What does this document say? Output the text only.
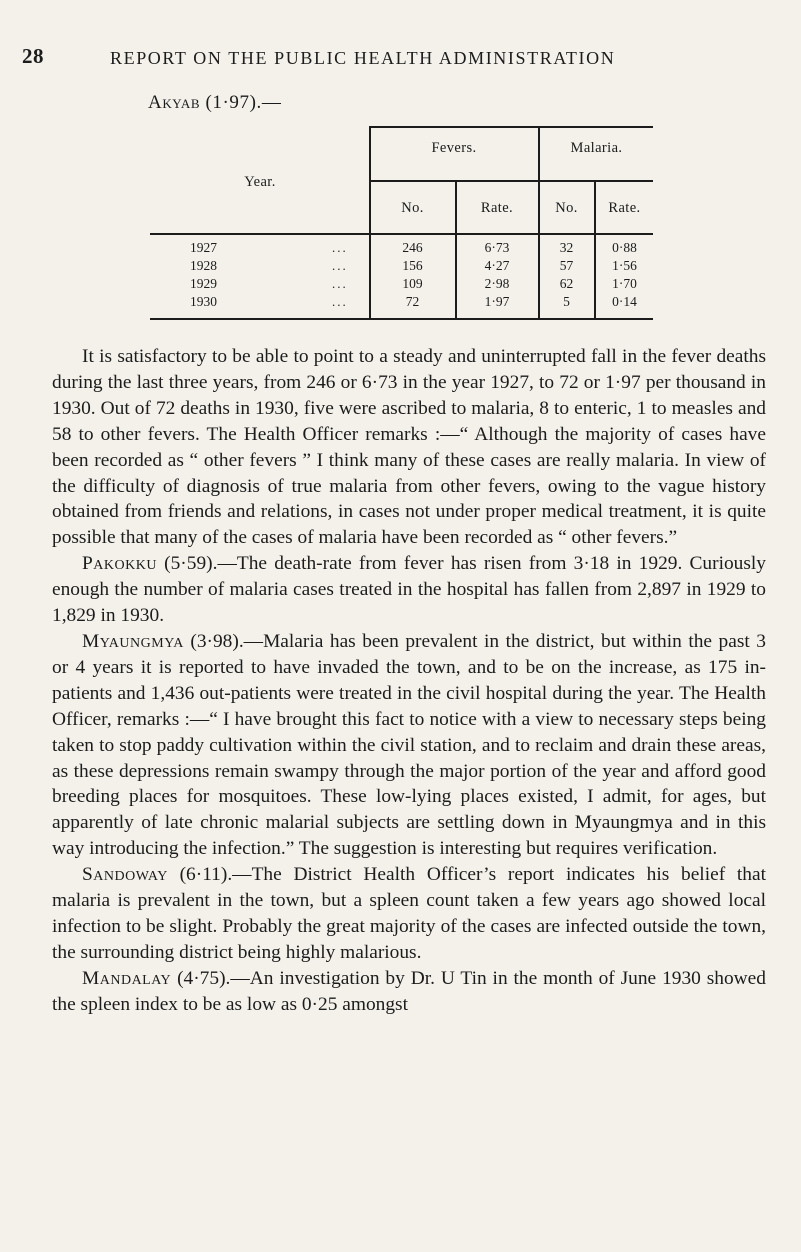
28	REPORT ON THE PUBLIC HEALTH ADMINISTRATION
Akyab (1·97).—
Year.
Fevers.	Malaria.
No.	Rate.	No.	Rate.
1927	...	246	6·73	32	0·88
1928	...	156	4·27	57	1·56
1929	...	109	2·98	62	1·70
1930	...	72	1·97	5	0·14

It is satisfactory to be able to point to a steady and uninterrupted fall in the fever deaths during the last three years, from 246 or 6·73 in the year 1927, to 72 or 1·97 per thousand in 1930. Out of 72 deaths in 1930, five were ascribed to malaria, 8 to enteric, 1 to measles and 58 to other fevers. The Health Officer remarks :—“ Although the majority of cases have been recorded as “ other fevers ” I think many of these cases are really malaria. In view of the difficulty of diagnosis of true malaria from other fevers, owing to the vague history obtained from friends and relations, in cases not under proper medical treatment, it is quite possible that many of the cases of malaria have been recorded as “ other fevers.”

Pakokku (5·59).—The death-rate from fever has risen from 3·18 in 1929. Curiously enough the number of malaria cases treated in the hospital has fallen from 2,897 in 1929 to 1,829 in 1930.

Myaungmya (3·98).—Malaria has been prevalent in the district, but within the past 3 or 4 years it is reported to have invaded the town, and to be on the increase, as 175 in-patients and 1,436 out-patients were treated in the civil hospital during the year. The Health Officer, remarks :—“ I have brought this fact to notice with a view to necessary steps being taken to stop paddy cultivation within the civil station, and to reclaim and drain these areas, as these depressions remain swampy through the major portion of the year and afford good breeding places for mosquitoes. These low-lying places existed, I admit, for ages, but apparently of late chronic malarial subjects are settling down in Myaungmya and in this way introducing the infection.” The suggestion is interesting but requires verification.

Sandoway (6·11).—The District Health Officer’s report indicates his belief that malaria is prevalent in the town, but a spleen count taken a few years ago showed local infection to be slight. Probably the great majority of the cases are infected outside the town, the surrounding district being highly malarious.

Mandalay (4·75).—An investigation by Dr. U Tin in the month of June 1930 showed the spleen index to be as low as 0·25 amongst
